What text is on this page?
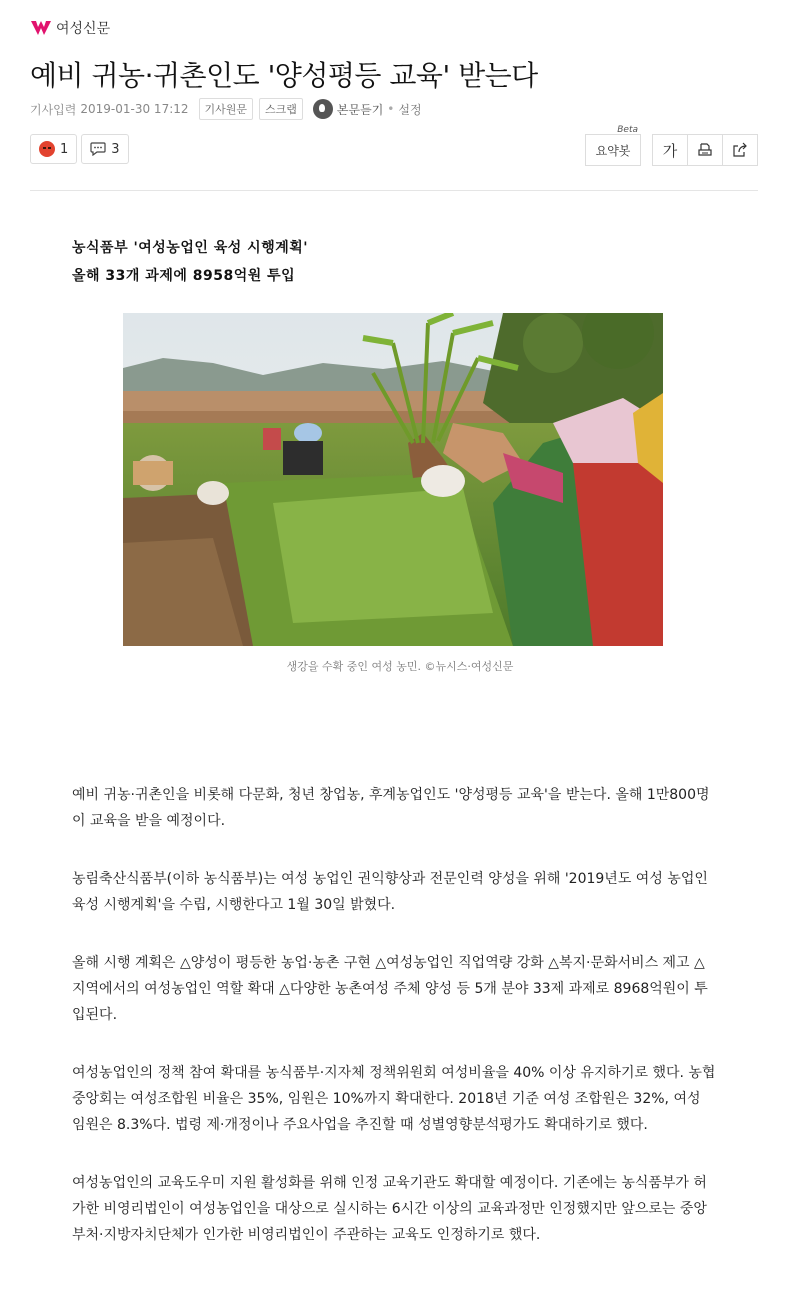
여성신문
예비 귀농·귀촌인도 '양성평등 교육' 받는다
기사입력 2019-01-30 17:12	기사원문	스크랩	본문듣기 • 설정
1	3
Beta
요약봇 가
농식품부 '여성농업인 육성 시행계획'
올해 33개 과제에 8958억원 투입
생강을 수확 중인 여성 농민. ©뉴시스·여성신문

예비 귀농·귀촌인을 비롯해 다문화, 청년 창업농, 후계농업인도 '양성평등 교육'을 받는다. 올해 1만800명이 교육을 받을 예정이다.

농림축산식품부(이하 농식품부)는 여성 농업인 권익향상과 전문인력 양성을 위해 '2019년도 여성 농업인 육성 시행계획'을 수립, 시행한다고 1월 30일 밝혔다.

올해 시행 계획은 △양성이 평등한 농업·농촌 구현 △여성농업인 직업역량 강화 △복지·문화서비스 제고 △지역에서의 여성농업인 역할 확대 △다양한 농촌여성 주체 양성 등 5개 분야 33제 과제로 8968억원이 투입된다.

여성농업인의 정책 참여 확대를 농식품부·지자체 정책위원회 여성비율을 40% 이상 유지하기로 했다. 농협중앙회는 여성조합원 비율은 35%, 임원은 10%까지 확대한다. 2018년 기준 여성 조합원은 32%, 여성 임원은 8.3%다. 법령 제·개정이나 주요사업을 추진할 때 성별영향분석평가도 확대하기로 했다.

여성농업인의 교육도우미 지원 활성화를 위해 인정 교육기관도 확대할 예정이다. 기존에는 농식품부가 허가한 비영리법인이 여성농업인을 대상으로 실시하는 6시간 이상의 교육과정만 인정했지만 앞으로는 중앙부처·지방자치단체가 인가한 비영리법인이 주관하는 교육도 인정하기로 했다.
